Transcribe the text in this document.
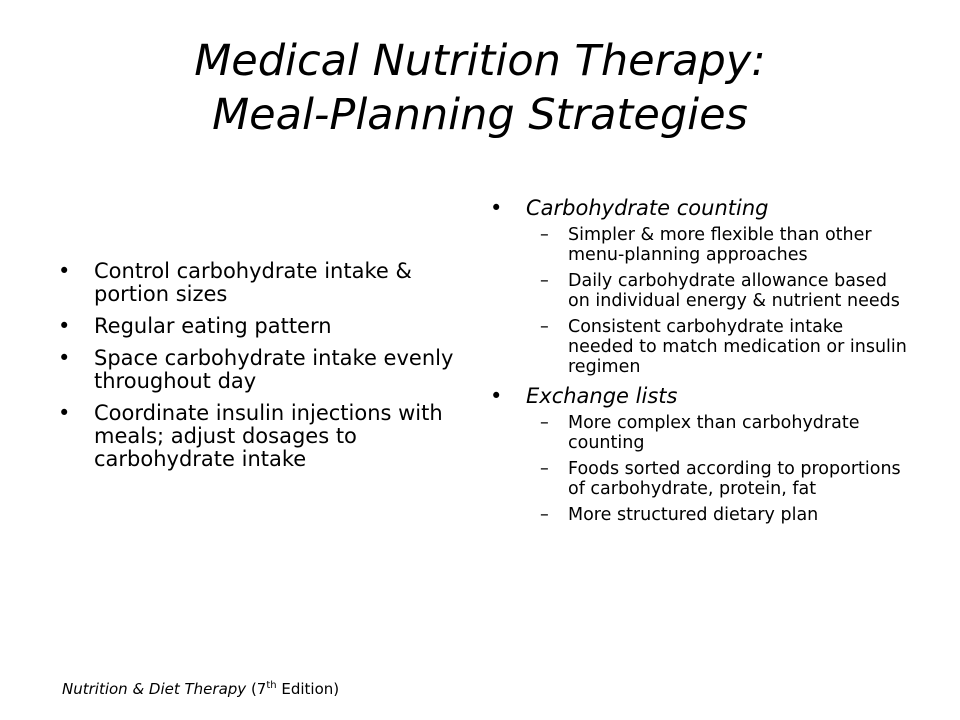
Medical Nutrition Therapy:
Meal-Planning Strategies
• Control carbohydrate intake & portion sizes
• Regular eating pattern
• Space carbohydrate intake evenly throughout day
• Coordinate insulin injections with meals; adjust dosages to carbohydrate intake
• Carbohydrate counting
– Simpler & more flexible than other menu-planning approaches
– Daily carbohydrate allowance based on individual energy & nutrient needs
– Consistent carbohydrate intake needed to match medication or insulin regimen
• Exchange lists
– More complex than carbohydrate counting
– Foods sorted according to proportions of carbohydrate, protein, fat
– More structured dietary plan
Nutrition & Diet Therapy (7th Edition)
